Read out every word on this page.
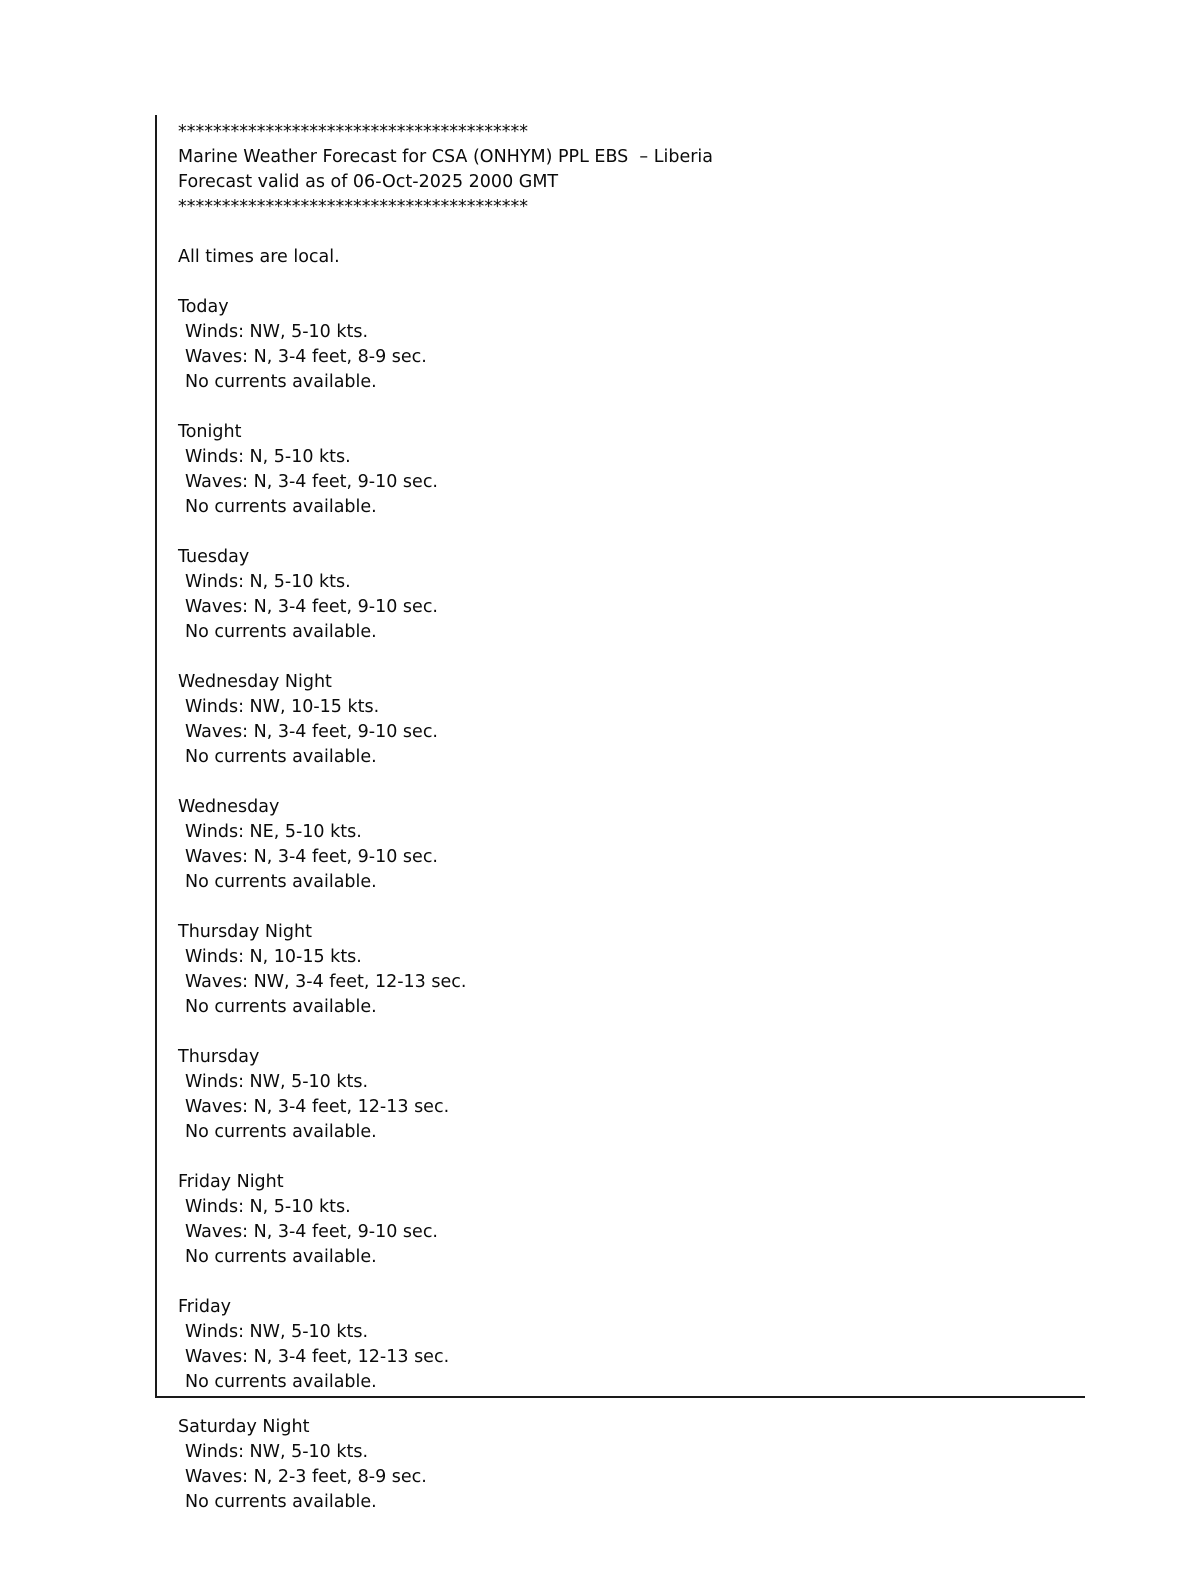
****************************************
Marine Weather Forecast for CSA (ONHYM) PPL EBS  – Liberia
Forecast valid as of 06-Oct-2025 2000 GMT
****************************************
All times are local.
Today
Winds: NW, 5-10 kts.
Waves: N, 3-4 feet, 8-9 sec.
No currents available.
Tonight
Winds: N, 5-10 kts.
Waves: N, 3-4 feet, 9-10 sec.
No currents available.
Tuesday
Winds: N, 5-10 kts.
Waves: N, 3-4 feet, 9-10 sec.
No currents available.
Wednesday Night
Winds: NW, 10-15 kts.
Waves: N, 3-4 feet, 9-10 sec.
No currents available.
Wednesday
Winds: NE, 5-10 kts.
Waves: N, 3-4 feet, 9-10 sec.
No currents available.
Thursday Night
Winds: N, 10-15 kts.
Waves: NW, 3-4 feet, 12-13 sec.
No currents available.
Thursday
Winds: NW, 5-10 kts.
Waves: N, 3-4 feet, 12-13 sec.
No currents available.
Friday Night
Winds: N, 5-10 kts.
Waves: N, 3-4 feet, 9-10 sec.
No currents available.
Friday
Winds: NW, 5-10 kts.
Waves: N, 3-4 feet, 12-13 sec.
No currents available.
Saturday Night
Winds: NW, 5-10 kts.
Waves: N, 2-3 feet, 8-9 sec.
No currents available.
